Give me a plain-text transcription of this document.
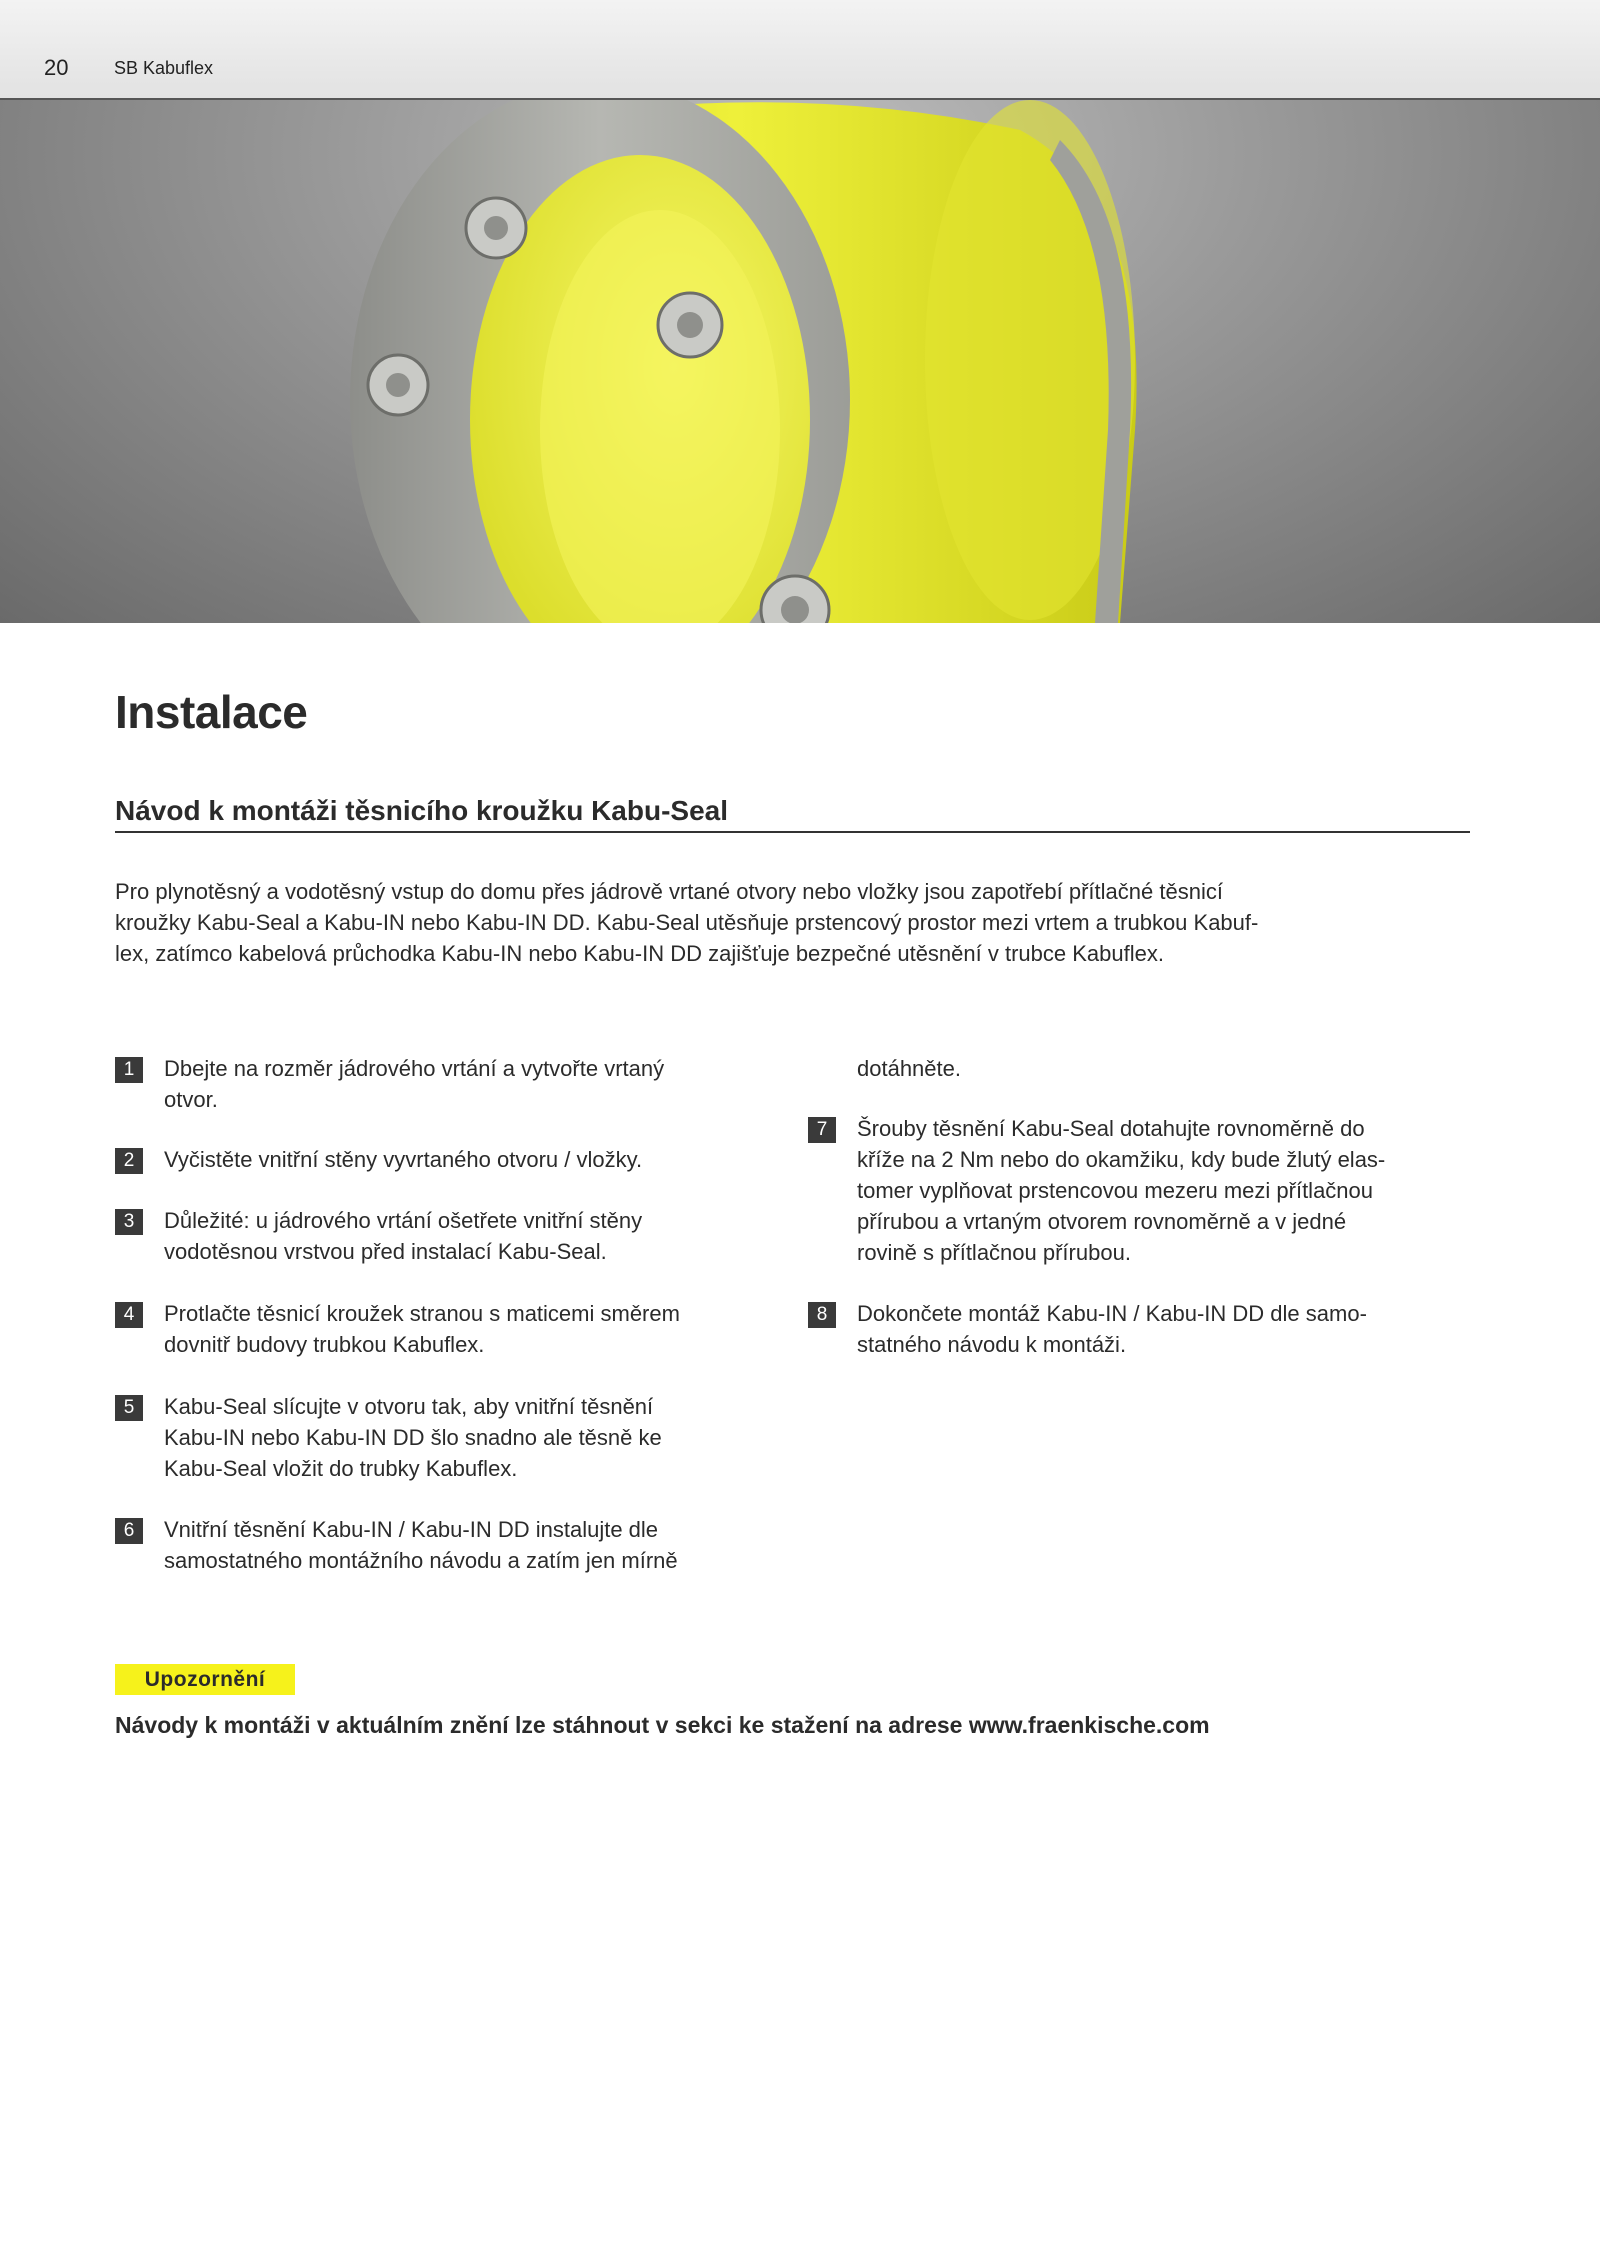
20	SB Kabuflex
Instalace
Návod k montáži těsnicího kroužku Kabu-Seal

Pro plynotěsný a vodotěsný vstup do domu přes jádrově vrtané otvory nebo vložky jsou zapotřebí přítlačné těsnicí
kroužky Kabu-Seal a Kabu-IN nebo Kabu-IN DD. Kabu-Seal utěsňuje prstencový prostor mezi vrtem a trubkou Kabuf-
lex, zatímco kabelová průchodka Kabu-IN nebo Kabu-IN DD zajišťuje bezpečné utěsnění v trubce Kabuflex.

1	Dbejte na rozměr jádrového vrtání a vytvořte vrtaný
otvor.
2	Vyčistěte vnitřní stěny vyvrtaného otvoru / vložky.
3	Důležité: u jádrového vrtání ošetřete vnitřní stěny
vodotěsnou vrstvou před instalací Kabu-Seal.
4	Protlačte těsnicí kroužek stranou s maticemi směrem
dovnitř budovy trubkou Kabuflex.
5	Kabu-Seal slícujte v otvoru tak, aby vnitřní těsnění
Kabu-IN nebo Kabu-IN DD šlo snadno ale těsně ke
Kabu-Seal vložit do trubky Kabuflex.
6	Vnitřní těsnění Kabu-IN / Kabu-IN DD instalujte dle
samostatného montážního návodu a zatím jen mírně
dotáhněte.
7	Šrouby těsnění Kabu-Seal dotahujte rovnoměrně do
kříže na 2 Nm nebo do okamžiku, kdy bude žlutý elas-
tomer vyplňovat prstencovou mezeru mezi přítlačnou
přírubou a vrtaným otvorem rovnoměrně a v jedné
rovině s přítlačnou přírubou.
8	Dokončete montáž Kabu-IN / Kabu-IN DD dle samo-
statného návodu k montáži.
Upozornění

Návody k montáži v aktuálním znění lze stáhnout v sekci ke stažení na adrese www.fraenkische.com
